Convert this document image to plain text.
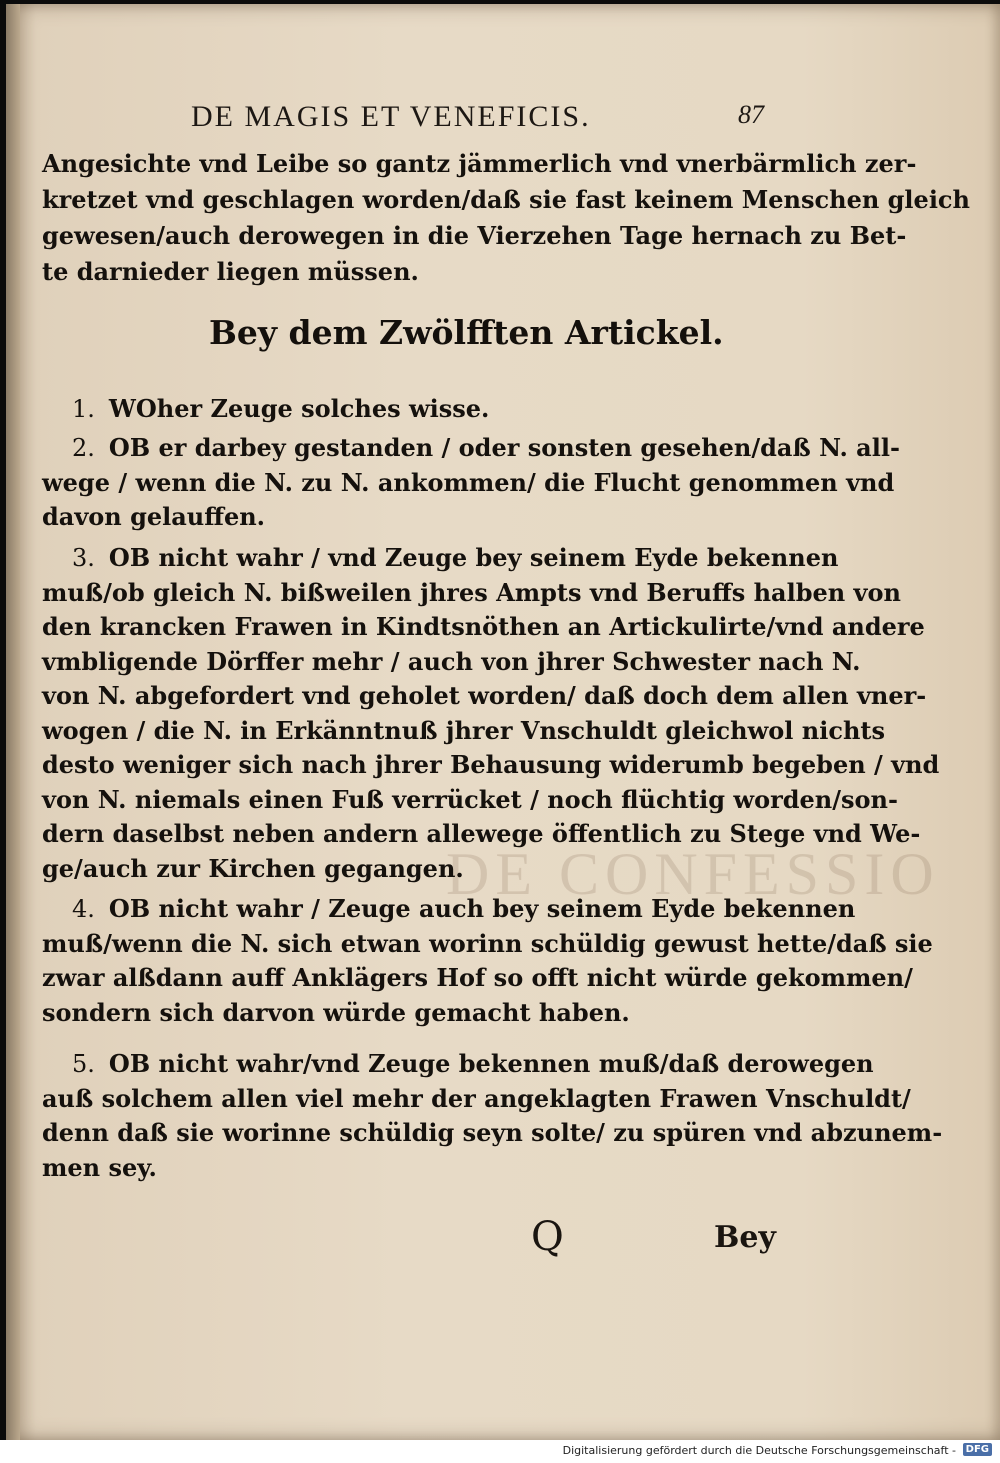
DE CONFESSIO
DE MAGIS ET VENEFICIS.	87
Angesichte vnd Leibe so gantz jämmerlich vnd vnerbärmlich zer-
kretzet vnd geschlagen worden/daß sie fast keinem Menschen gleich
gewesen/auch derowegen in die Vierzehen Tage hernach zu Bet-
te darnieder liegen müssen.
Bey dem Zwölfften Artickel.
1. WOher Zeuge solches wisse.
2. OB er darbey gestanden / oder sonsten gesehen/daß N. all-
wege / wenn die N. zu N. ankommen/ die Flucht genommen vnd
davon gelauffen.
3. OB nicht wahr / vnd Zeuge bey seinem Eyde bekennen
muß/ob gleich N. bißweilen jhres Ampts vnd Beruffs halben von
den krancken Frawen in Kindtsnöthen an Artickulirte/vnd andere
vmbligende Dörffer mehr / auch von jhrer Schwester nach N.
von N. abgefordert vnd geholet worden/ daß doch dem allen vner-
wogen / die N. in Erkänntnuß jhrer Vnschuldt gleichwol nichts
desto weniger sich nach jhrer Behausung widerumb begeben / vnd
von N. niemals einen Fuß verrücket / noch flüchtig worden/son-
dern daselbst neben andern allewege öffentlich zu Stege vnd We-
ge/auch zur Kirchen gegangen.
4. OB nicht wahr / Zeuge auch bey seinem Eyde bekennen
muß/wenn die N. sich etwan worinn schüldig gewust hette/daß sie
zwar alßdann auff Anklägers Hof so offt nicht würde gekommen/
sondern sich darvon würde gemacht haben.
5. OB nicht wahr/vnd Zeuge bekennen muß/daß derowegen
auß solchem allen viel mehr der angeklagten Frawen Vnschuldt/
denn daß sie worinne schüldig seyn solte/ zu spüren vnd abzunem-
men sey.
Q	Bey
Digitalisierung gefördert durch die Deutsche Forschungsgemeinschaft - DFG
